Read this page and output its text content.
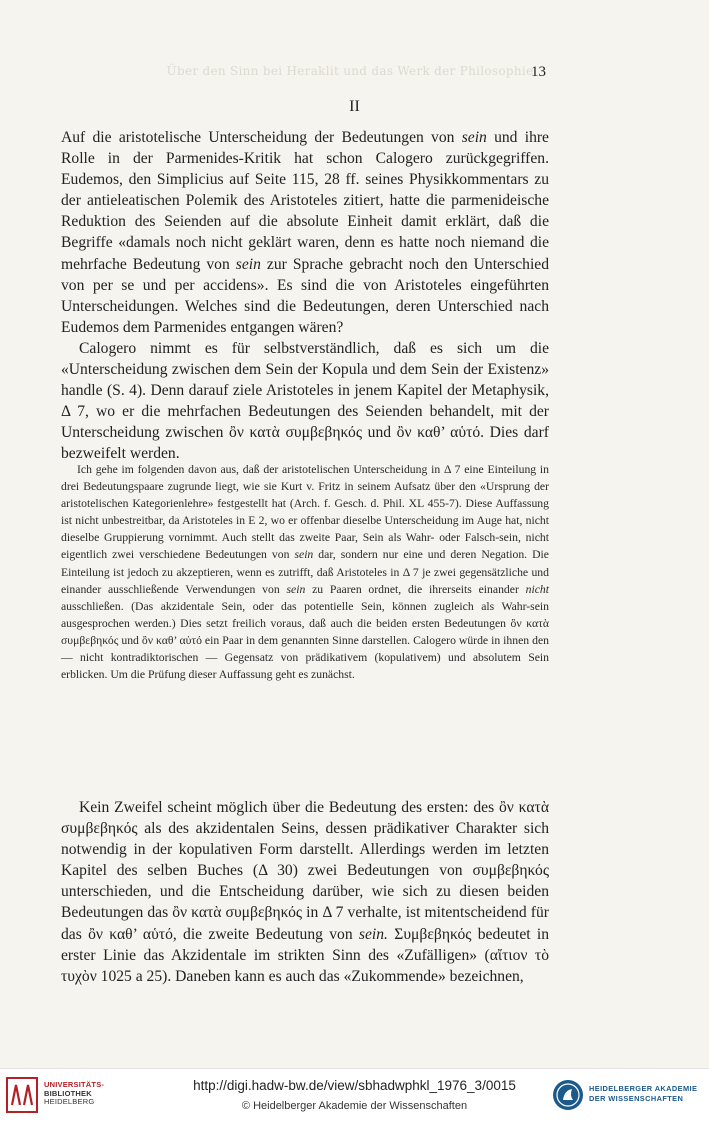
Über den Sinn bei Heraklit und das Werk der Philosophie
13
II

Auf die aristotelische Unterscheidung der Bedeutungen von sein und ihre Rolle in der Parmenides-Kritik hat schon Calogero zurückgegriffen. Eudemos, den Simplicius auf Seite 115, 28 ff. seines Physikkommentars zu der antieleatischen Polemik des Aristoteles zitiert, hatte die parmenideische Reduktion des Seienden auf die absolute Einheit damit erklärt, daß die Begriffe «damals noch nicht geklärt waren, denn es hatte noch niemand die mehrfache Bedeutung von sein zur Sprache gebracht noch den Unterschied von per se und per accidens». Es sind die von Aristoteles eingeführten Unterscheidungen. Welches sind die Bedeutungen, deren Unterschied nach Eudemos dem Parmenides entgangen wären?

Calogero nimmt es für selbstverständlich, daß es sich um die «Unterscheidung zwischen dem Sein der Kopula und dem Sein der Existenz» handle (S. 4). Denn darauf ziele Aristoteles in jenem Kapitel der Metaphysik, Δ 7, wo er die mehrfachen Bedeutungen des Seienden behandelt, mit der Unterscheidung zwischen ὂν κατὰ συμβεβηκός und ὂν καθ’ αὑτό. Dies darf bezweifelt werden.

Ich gehe im folgenden davon aus, daß der aristotelischen Unterscheidung in Δ 7 eine Einteilung in drei Bedeutungspaare zugrunde liegt, wie sie Kurt v. Fritz in seinem Aufsatz über den «Ursprung der aristotelischen Kategorienlehre» festgestellt hat (Arch. f. Gesch. d. Phil. XL 455-7). Diese Auffassung ist nicht unbestreitbar, da Aristoteles in E 2, wo er offenbar dieselbe Unterscheidung im Auge hat, nicht dieselbe Gruppierung vornimmt. Auch stellt das zweite Paar, Sein als Wahr- oder Falsch-sein, nicht eigentlich zwei verschiedene Bedeutungen von sein dar, sondern nur eine und deren Negation. Die Einteilung ist jedoch zu akzeptieren, wenn es zutrifft, daß Aristoteles in Δ 7 je zwei gegensätzliche und einander ausschließende Verwendungen von sein zu Paaren ordnet, die ihrerseits einander nicht ausschließen. (Das akzidentale Sein, oder das potentielle Sein, können zugleich als Wahr-sein ausgesprochen werden.) Dies setzt freilich voraus, daß auch die beiden ersten Bedeutungen ὂν κατὰ συμβεβηκός und ὂν καθ’ αὑτό ein Paar in dem genannten Sinne darstellen. Calogero würde in ihnen den — nicht kontradiktorischen — Gegensatz von prädikativem (kopulativem) und absolutem Sein erblicken. Um die Prüfung dieser Auffassung geht es zunächst.

Kein Zweifel scheint möglich über die Bedeutung des ersten: des ὂν κατὰ συμβεβηκός als des akzidentalen Seins, dessen prädikativer Charakter sich notwendig in der kopulativen Form darstellt. Allerdings werden im letzten Kapitel des selben Buches (Δ 30) zwei Bedeutungen von συμβεβηκός unterschieden, und die Entscheidung darüber, wie sich zu diesen beiden Bedeutungen das ὂν κατὰ συμβεβηκός in Δ 7 verhalte, ist mitentscheidend für das ὂν καθ’ αὑτό, die zweite Bedeutung von sein. Συμβεβηκός bedeutet in erster Linie das Akzidentale im strikten Sinn des «Zufälligen» (αἴτιον τὸ τυχὸν 1025 a 25). Daneben kann es auch das «Zukommende» bezeichnen,

UNIVERSITÄTS-
BIBLIOTHEK
HEIDELBERG
http://digi.hadw-bw.de/view/sbhadwphkl_1976_3/0015
© Heidelberger Akademie der Wissenschaften
HEIDELBERGER AKADEMIE
DER WISSENSCHAFTEN
